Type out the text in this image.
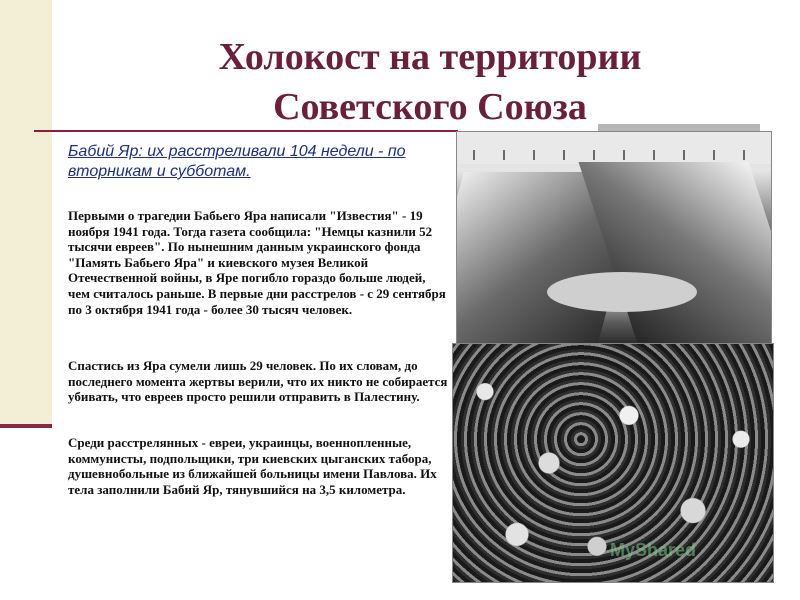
Холокост на территории
Советского Союза
Бабий Яр: их расстреливали 104 недели - по вторникам и субботам.
Первыми о трагедии Бабьего Яра написали "Известия" - 19 ноября 1941 года. Тогда газета сообщила: "Немцы казнили 52 тысячи евреев". По нынешним данным украинского фонда "Память Бабьего Яра" и киевского музея Великой Отечественной войны, в Яре погибло гораздо больше людей, чем считалось раньше. В первые дни расстрелов - с 29 сентября по 3 октября 1941 года - более 30 тысяч человек.
Спастись из Яра сумели лишь 29 человек. По их словам, до последнего момента жертвы верили, что их никто не собирается убивать, что евреев просто решили отправить в Палестину.
Среди расстрелянных - евреи, украинцы, военнопленные, коммунисты, подпольщики, три киевских цыганских табора, душевнобольные из ближайшей больницы имени Павлова. Их тела заполнили Бабий Яр, тянувшийся на 3,5 километра.
MyShared
